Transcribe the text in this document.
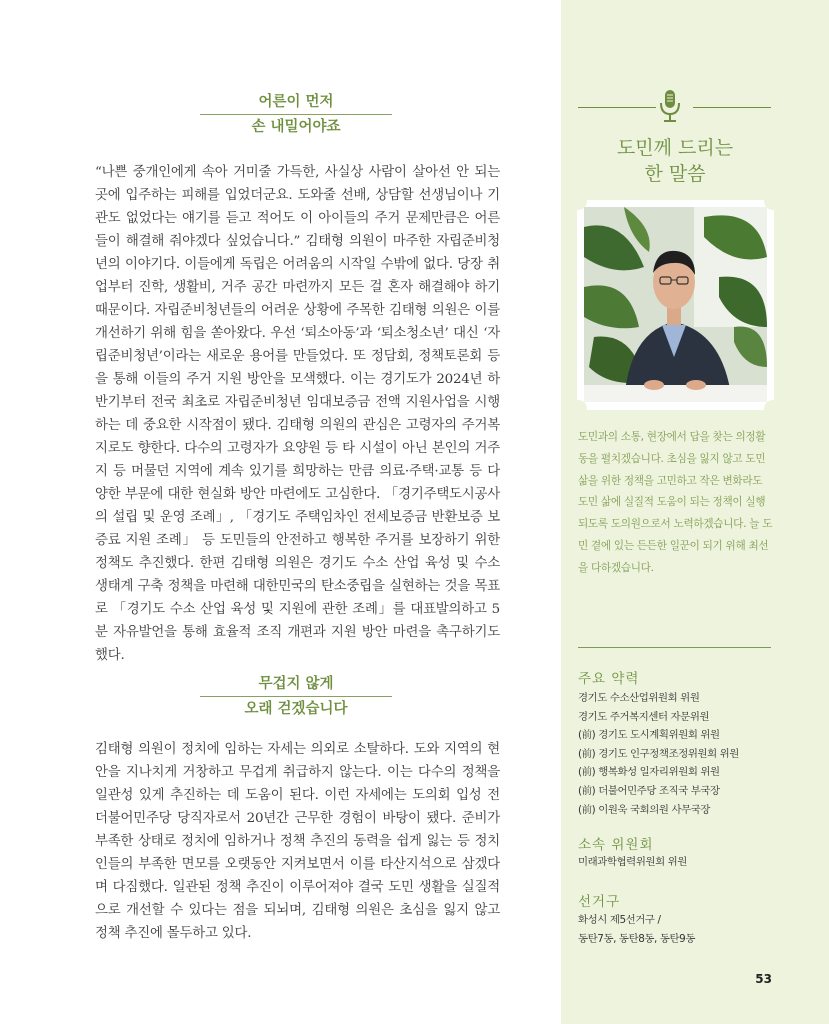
어른이 먼저
손 내밀어야죠

“나쁜 중개인에게 속아 거미줄 가득한, 사실상 사람이 살아선 안 되는 곳에 입주하는 피해를 입었더군요. 도와줄 선배, 상담할 선생님이나 기관도 없었다는 얘기를 듣고 적어도 이 아이들의 주거 문제만큼은 어른들이 해결해 줘야겠다 싶었습니다.” 김태형 의원이 마주한 자립준비청년의 이야기다. 이들에게 독립은 어려움의 시작일 수밖에 없다. 당장 취업부터 진학, 생활비, 거주 공간 마련까지 모든 걸 혼자 해결해야 하기 때문이다. 자립준비청년들의 어려운 상황에 주목한 김태형 의원은 이를 개선하기 위해 힘을 쏟아왔다. 우선 ‘퇴소아동’과 ‘퇴소청소년’ 대신 ‘자립준비청년’이라는 새로운 용어를 만들었다. 또 정담회, 정책토론회 등을 통해 이들의 주거 지원 방안을 모색했다. 이는 경기도가 2024년 하반기부터 전국 최초로 자립준비청년 임대보증금 전액 지원사업을 시행하는 데 중요한 시작점이 됐다. 김태형 의원의 관심은 고령자의 주거복지로도 향한다. 다수의 고령자가 요양원 등 타 시설이 아닌 본인의 거주지 등 머물던 지역에 계속 있기를 희망하는 만큼 의료·주택·교통 등 다양한 부문에 대한 현실화 방안 마련에도 고심한다. 「경기주택도시공사의 설립 및 운영 조례」, 「경기도 주택임차인 전세보증금 반환보증 보증료 지원 조례」 등 도민들의 안전하고 행복한 주거를 보장하기 위한 정책도 추진했다. 한편 김태형 의원은 경기도 수소 산업 육성 및 수소 생태계 구축 정책을 마련해 대한민국의 탄소중립을 실현하는 것을 목표로 「경기도 수소 산업 육성 및 지원에 관한 조례」를 대표발의하고 5분 자유발언을 통해 효율적 조직 개편과 지원 방안 마련을 촉구하기도 했다.

무겁지 않게
오래 걷겠습니다

김태형 의원이 정치에 임하는 자세는 의외로 소탈하다. 도와 지역의 현안을 지나치게 거창하고 무겁게 취급하지 않는다. 이는 다수의 정책을 일관성 있게 추진하는 데 도움이 된다. 이런 자세에는 도의회 입성 전 더불어민주당 당직자로서 20년간 근무한 경험이 바탕이 됐다. 준비가 부족한 상태로 정치에 임하거나 정책 추진의 동력을 쉽게 잃는 등 정치인들의 부족한 면모를 오랫동안 지켜보면서 이를 타산지석으로 삼겠다며 다짐했다. 일관된 정책 추진이 이루어져야 결국 도민 생활을 실질적으로 개선할 수 있다는 점을 되뇌며, 김태형 의원은 초심을 잃지 않고 정책 추진에 몰두하고 있다.

도민께 드리는
한 말씀

도민과의 소통, 현장에서 답을 찾는 의정활동을 펼치겠습니다. 초심을 잃지 않고 도민 삶을 위한 정책을 고민하고 작은 변화라도 도민 삶에 실질적 도움이 되는 정책이 실행되도록 도의원으로서 노력하겠습니다. 늘 도민 곁에 있는 든든한 일꾼이 되기 위해 최선을 다하겠습니다.

주요 약력
경기도 수소산업위원회 위원
경기도 주거복지센터 자문위원
(前) 경기도 도시계획위원회 위원
(前) 경기도 인구정책조정위원회 위원
(前) 행복화성 일자리위원회 위원
(前) 더불어민주당 조직국 부국장
(前) 이원욱 국회의원 사무국장
소속 위원회
미래과학협력위원회 위원
선거구
화성시 제5선거구 /
동탄7동, 동탄8동, 동탄9동
53
